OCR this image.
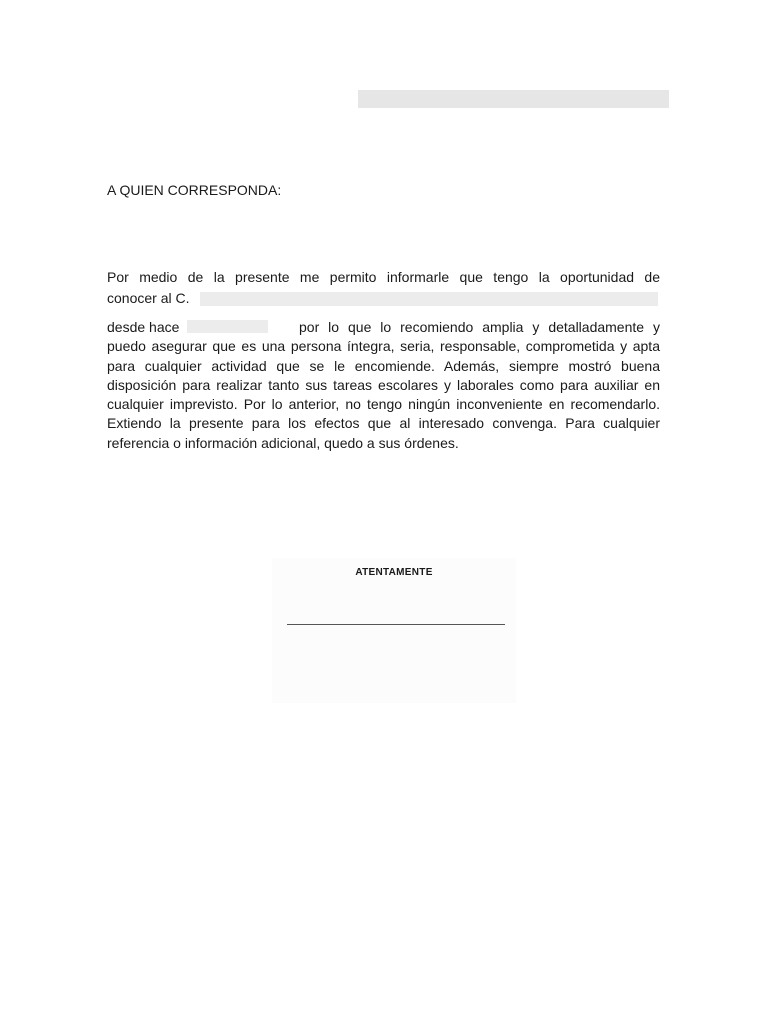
A QUIEN CORRESPONDA:
Por medio de la presente me permito informarle que tengo la oportunidad de
conocer al C.
desde hace	por lo que lo recomiendo amplia y detalladamente y puedo asegurar que es una persona íntegra, seria, responsable, comprometida y apta para cualquier actividad que se le encomiende. Además, siempre mostró buena disposición para realizar tanto sus tareas escolares y laborales como para auxiliar en cualquier imprevisto. Por lo anterior, no tengo ningún inconveniente en recomendarlo. Extiendo la presente para los efectos que al interesado convenga. Para cualquier referencia o información adicional, quedo a sus órdenes.
ATENTAMENTE
